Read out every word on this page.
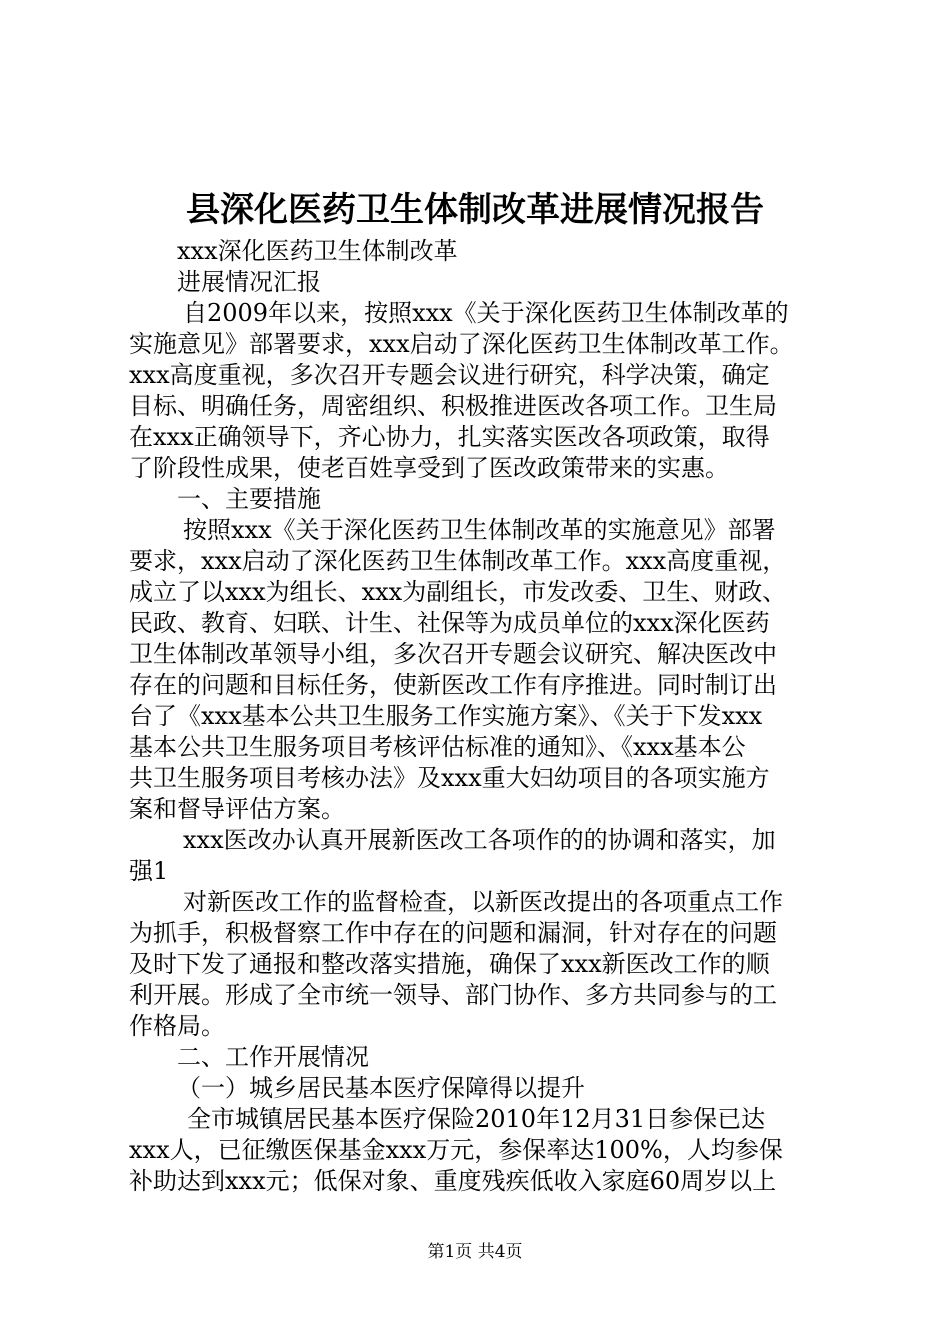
县深化医药卫生体制改革进展情况报告
xxx深化医药卫生体制改革
进展情况汇报
自2009年以来，按照xxx《关于深化医药卫生体制改革的
实施意见》部署要求，xxx启动了深化医药卫生体制改革工作。
xxx高度重视，多次召开专题会议进行研究，科学决策，确定
目标、明确任务，周密组织、积极推进医改各项工作。卫生局
在xxx正确领导下，齐心协力，扎实落实医改各项政策，取得
了阶段性成果，使老百姓享受到了医改政策带来的实惠。
一、主要措施
按照xxx《关于深化医药卫生体制改革的实施意见》部署
要求，xxx启动了深化医药卫生体制改革工作。xxx高度重视，
成立了以xxx为组长、xxx为副组长，市发改委、卫生、财政、
民政、教育、妇联、计生、社保等为成员单位的xxx深化医药
卫生体制改革领导小组，多次召开专题会议研究、解决医改中
存在的问题和目标任务，使新医改工作有序推进。同时制订出
台了《xxx基本公共卫生服务工作实施方案》、《关于下发xxx
基本公共卫生服务项目考核评估标准的通知》、《xxx基本公
共卫生服务项目考核办法》及xxx重大妇幼项目的各项实施方
案和督导评估方案。
xxx医改办认真开展新医改工各项作的的协调和落实，加
强1
对新医改工作的监督检查，以新医改提出的各项重点工作
为抓手，积极督察工作中存在的问题和漏洞，针对存在的问题
及时下发了通报和整改落实措施，确保了xxx新医改工作的顺
利开展。形成了全市统一领导、部门协作、多方共同参与的工
作格局。
二、工作开展情况
（一）城乡居民基本医疗保障得以提升
全市城镇居民基本医疗保险2010年12月31日参保已达
xxx人，已征缴医保基金xxx万元，参保率达100%，人均参保
补助达到xxx元；低保对象、重度残疾低收入家庭60周岁以上
第1页 共4页
